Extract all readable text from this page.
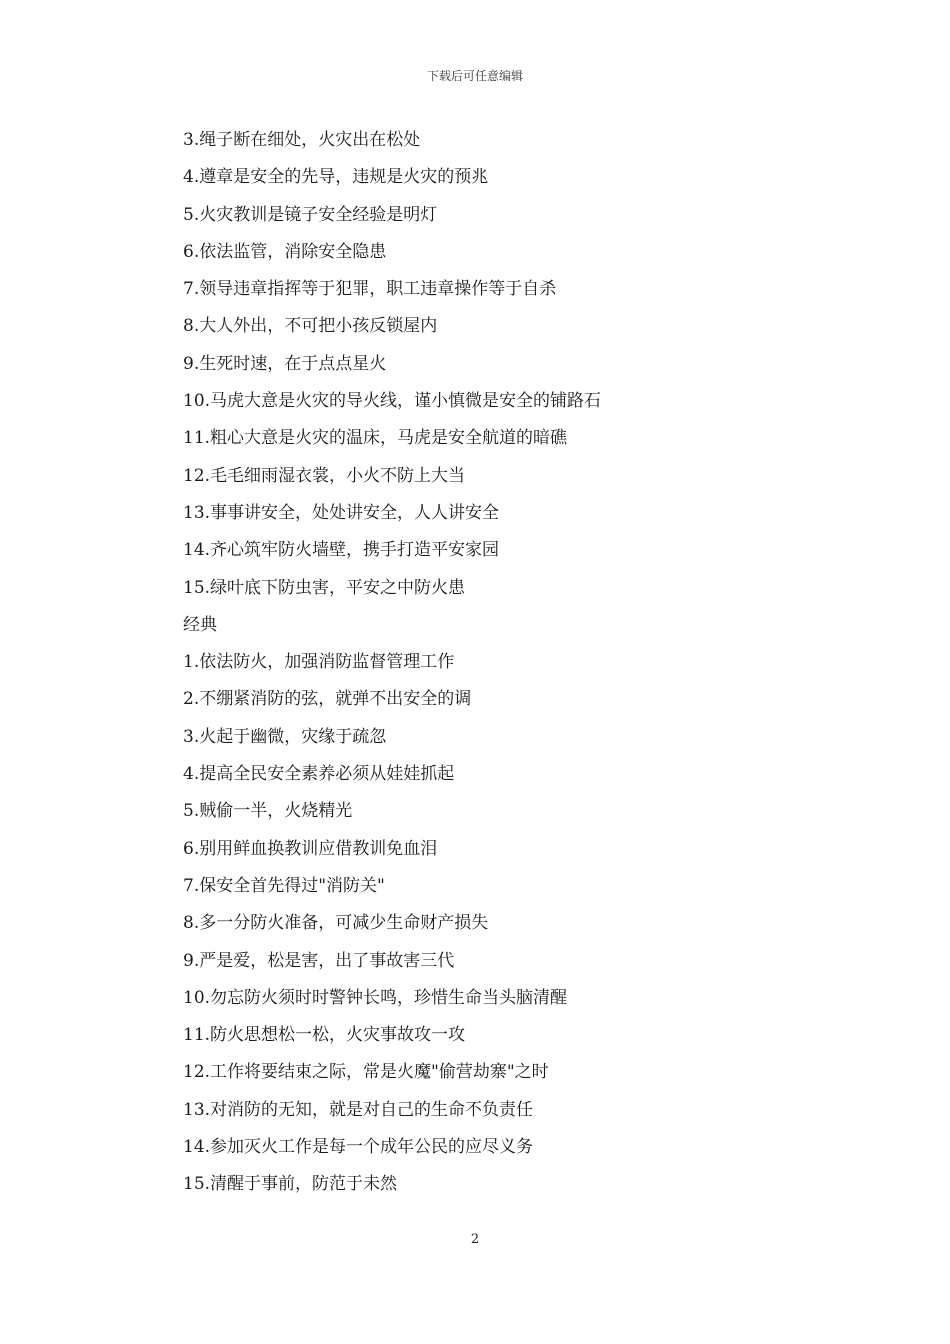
下载后可任意编辑
3.绳子断在细处，火灾出在松处
4.遵章是安全的先导，违规是火灾的预兆
5.火灾教训是镜子安全经验是明灯
6.依法监管，消除安全隐患
7.领导违章指挥等于犯罪，职工违章操作等于自杀
8.大人外出，不可把小孩反锁屋内
9.生死时速，在于点点星火
10.马虎大意是火灾的导火线，谨小慎微是安全的铺路石
11.粗心大意是火灾的温床，马虎是安全航道的暗礁
12.毛毛细雨湿衣裳，小火不防上大当
13.事事讲安全，处处讲安全，人人讲安全
14.齐心筑牢防火墙壁，携手打造平安家园
15.绿叶底下防虫害，平安之中防火患
经典
1.依法防火，加强消防监督管理工作
2.不绷紧消防的弦，就弹不出安全的调
3.火起于幽微，灾缘于疏忽
4.提高全民安全素养必须从娃娃抓起
5.贼偷一半，火烧精光
6.别用鲜血换教训应借教训免血泪
7.保安全首先得过"消防关"
8.多一分防火准备，可减少生命财产损失
9.严是爱，松是害，出了事故害三代
10.勿忘防火须时时警钟长鸣，珍惜生命当头脑清醒
11.防火思想松一松，火灾事故攻一攻
12.工作将要结束之际，常是火魔"偷营劫寨"之时
13.对消防的无知，就是对自己的生命不负责任
14.参加灭火工作是每一个成年公民的应尽义务
15.清醒于事前，防范于未然
2
